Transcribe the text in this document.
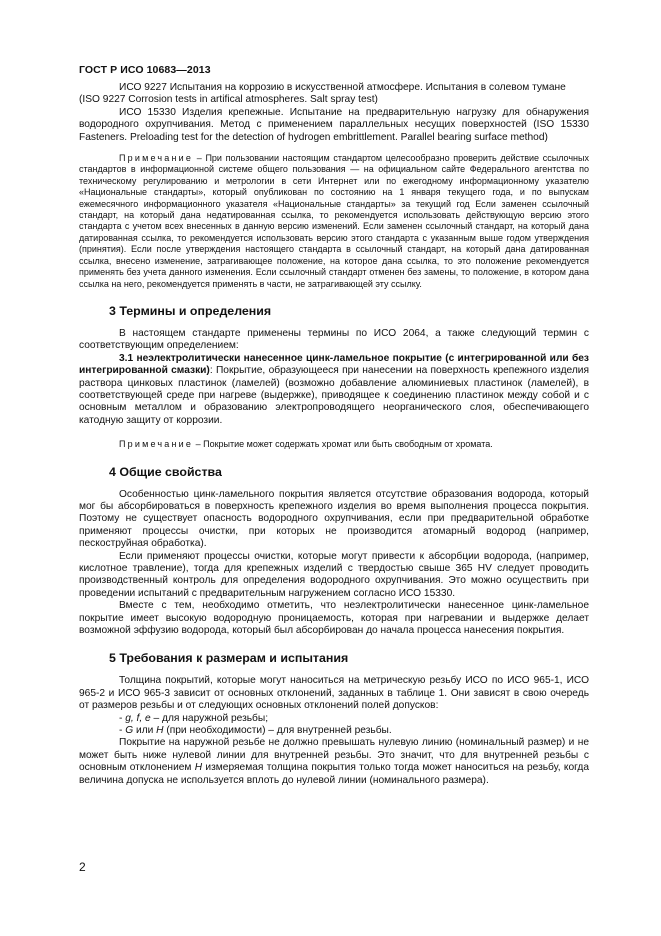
ГОСТ Р ИСО 10683—2013

ИСО 9227 Испытания на коррозию в искусственной атмосфере. Испытания в солевом тумане
(ISO 9227 Corrosion tests in artifical atmospheres. Salt spray test)

ИСО 15330 Изделия крепежные. Испытание на предварительную нагрузку для обнаружения водородного охрупчивания. Метод с применением параллельных несущих поверхностей (ISO 15330 Fasteners. Preloading test for the detection of hydrogen embrittlement. Parallel bearing surface method)

Примечание – При пользовании настоящим стандартом целесообразно проверить действие ссылочных стандартов в информационной системе общего пользования — на официальном сайте Федерального агентства по техническому регулированию и метрологии в сети Интернет или по ежегодному информационному указателю «Национальные стандарты», который опубликован по состоянию на 1 января текущего года, и по выпускам ежемесячного информационного указателя «Национальные стандарты» за текущий год Если заменен ссылочный стандарт, на который дана недатированная ссылка, то рекомендуется использовать действующую версию этого стандарта с учетом всех внесенных в данную версию изменений. Если заменен ссылочный стандарт, на который дана датированная ссылка, то рекомендуется использовать версию этого стандарта с указанным выше годом утверждения (принятия). Если после утверждения настоящего стандарта в ссылочный стандарт, на который дана датированная ссылка, внесено изменение, затрагивающее положение, на которое дана ссылка, то это положение рекомендуется применять без учета данного изменения. Если ссылочный стандарт отменен без замены, то положение, в котором дана ссылка на него, рекомендуется применять в части, не затрагивающей эту ссылку.

3 Термины и определения

В настоящем стандарте применены термины по ИСО 2064, а также следующий термин с соответствующим определением:

3.1 неэлектролитически нанесенное цинк-ламельное покрытие (с интегрированной или без интегрированной смазки): Покрытие, образующееся при нанесении на поверхность крепежного изделия раствора цинковых пластинок (ламелей) (возможно добавление алюминиевых пластинок (ламелей), в соответствующей среде при нагреве (выдержке), приводящее к соединению пластинок между собой и с основным металлом и образованию электропроводящего неорганического слоя, обеспечивающего катодную защиту от коррозии.

Примечание – Покрытие может содержать хромат или быть свободным от хромата.

4 Общие свойства

Особенностью цинк-ламельного покрытия является отсутствие образования водорода, который мог бы абсорбироваться в поверхность крепежного изделия во время выполнения процесса покрытия. Поэтому не существует опасность водородного охрупчивания, если при предварительной обработке применяют процессы очистки, при которых не производится атомарный водород (например, пескоструйная обработка).

Если применяют процессы очистки, которые могут привести к абсорбции водорода, (например, кислотное травление), тогда для крепежных изделий с твердостью свыше 365 HV следует проводить производственный контроль для определения водородного охрупчивания. Это можно осуществить при проведении испытаний с предварительным нагружением согласно ИСО 15330.

Вместе с тем, необходимо отметить, что неэлектролитически нанесенное цинк-ламельное покрытие имеет высокую водородную проницаемость, которая при нагревании и выдержке делает возможной эффузию водорода, который был абсорбирован до начала процесса нанесения покрытия.

5 Требования к размерам и испытания

Толщина покрытий, которые могут наноситься на метрическую резьбу ИСО по ИСО 965-1, ИСО 965-2 и ИСО 965-3 зависит от основных отклонений, заданных в таблице 1. Они зависят в свою очередь от размеров резьбы и от следующих основных отклонений полей допусков:

- g, f, e – для наружной резьбы;

- G или H (при необходимости) – для внутренней резьбы.

Покрытие на наружной резьбе не должно превышать нулевую линию (номинальный размер) и не может быть ниже нулевой линии для внутренней резьбы. Это значит, что для внутренней резьбы с основным отклонением H измеряемая толщина покрытия только тогда может наноситься на резьбу, когда величина допуска не используется вплоть до нулевой линии (номинального размера).

2
